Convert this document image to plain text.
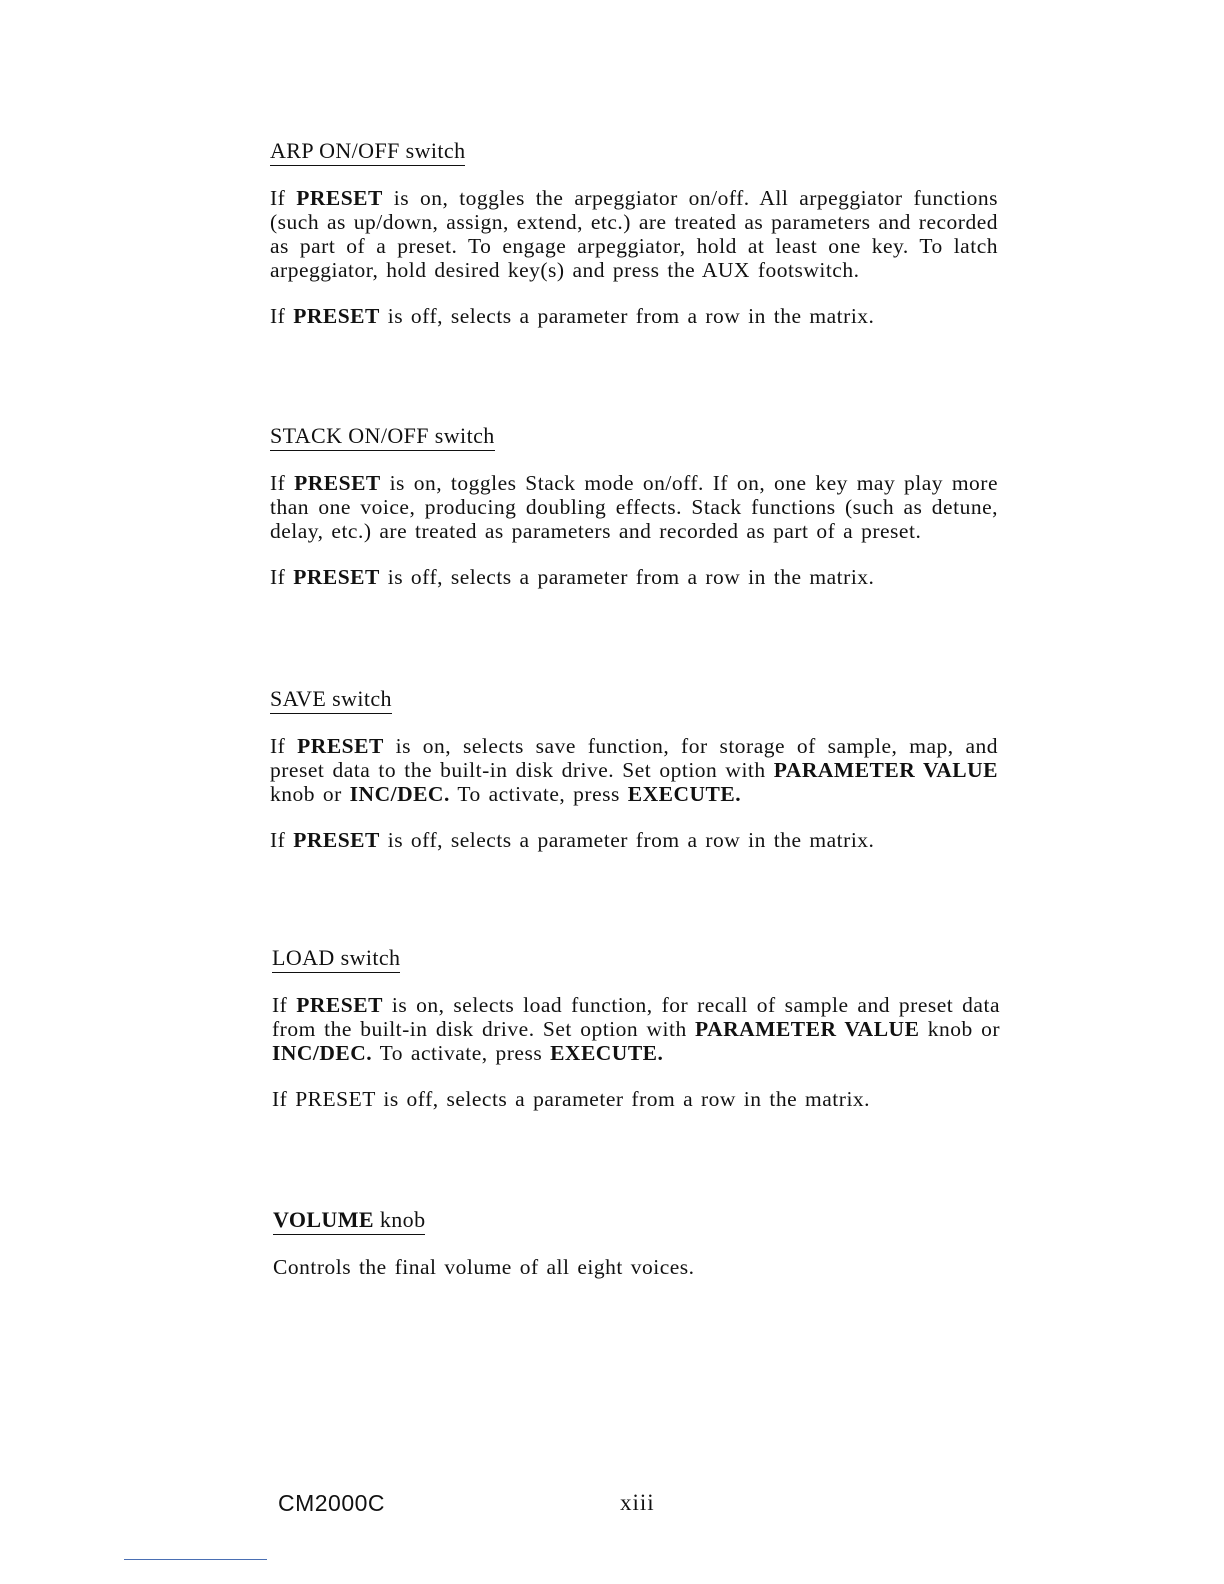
ARP ON/OFF switch

If PRESET is on, toggles the arpeggiator on/off. All arpeggiator functions (such as up/down, assign, extend, etc.) are treated as parameters and recorded as part of a preset. To engage arpeggiator, hold at least one key. To latch arpeggiator, hold desired key(s) and press the AUX footswitch.

If PRESET is off, selects a parameter from a row in the matrix.

STACK ON/OFF switch

If PRESET is on, toggles Stack mode on/off. If on, one key may play more than one voice, producing doubling effects. Stack functions (such as detune, delay, etc.) are treated as parameters and recorded as part of a preset.

If PRESET is off, selects a parameter from a row in the matrix.

SAVE switch

If PRESET is on, selects save function, for storage of sample, map, and preset data to the built-in disk drive. Set option with PARAMETER VALUE knob or INC/DEC. To activate, press EXECUTE.

If PRESET is off, selects a parameter from a row in the matrix.

LOAD switch

If PRESET is on, selects load function, for recall of sample and preset data from the built-in disk drive. Set option with PARAMETER VALUE knob or INC/DEC. To activate, press EXECUTE.

If PRESET is off, selects a parameter from a row in the matrix.

VOLUME knob

Controls the final volume of all eight voices.

CM2000C	xiii
